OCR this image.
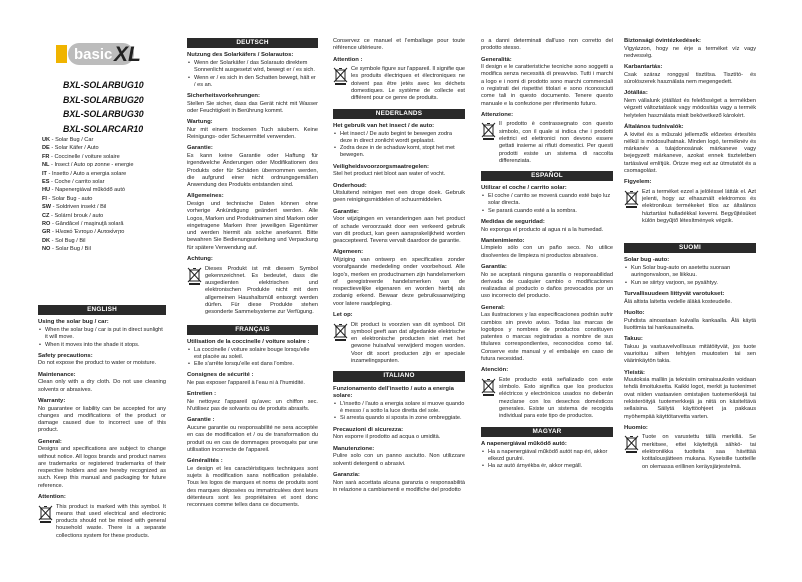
basic XL
BXL-SOLARBUG10
BXL-SOLARBUG20
BXL-SOLARBUG30
BXL-SOLARCAR10
UK - Solar Bug / Car
DE - Solar Käfer / Auto
FR - Coccinelle / voiture solaire
NL - Insect / Auto op zonne - energie
IT - Insetto / Auto a energia solare
ES - Coche / carrito solar
HU - Napenergiával működő autó
FI - Solar Bug - auto
SW - Soldriven insekt / Bil
CZ - Solární brouk / auto
RO - Gândăcel / maşinuţă solară
GR - Ηλιακό Έντομο / Αυτοκίνητο
DK - Sol Bug / Bil
NO - Solar Bug / Bil
ENGLISH
Using the solar bug / car:
• When the solar bug / car is put in direct sunlight it will move.
• When it moves into the shade it stops.
Safety precautions:

Do not expose the product to water or moisture.

Maintenance:

Clean only with a dry cloth. Do not use cleaning solvents or abrasives.

Warranty:

No guarantee or liability can be accepted for any changes and modifications of the product or damage caused due to incorrect use of this product.

General:

Designs and specifications are subject to change without notice. All logos brands and product names are trademarks or registered trademarks of their respective holders and are hereby recognized as such. Keep this manual and packaging for future reference.

Attention:

This product is marked with this symbol. It means that used electrical and electronic products should not be mixed with general household waste. There is a separate collections system for these products.

DEUTSCH
Nutzung des Solarkäfers / Solarautos:
• Wenn der Solarkäfer / das Solarauto direktem Sonnenlicht ausgesetzt wird, bewegt er / es sich.
• Wenn er / es sich in den Schatten bewegt, hält er / es an.
Sicherheitsvorkehrungen:

Stellen Sie sicher, dass das Gerät nicht mit Wasser oder Feuchtigkeit in Berührung kommt.

Wartung:

Nur mit einem trockenen Tuch säubern. Keine Reinigungs- oder Scheuermittel verwenden.

Garantie:

Es kann keine Garantie oder Haftung für irgendwelche Änderungen oder Modifikationen des Produkts oder für Schäden übernommen werden, die aufgrund einer nicht ordnungsgemäßen Anwendung des Produkts entstanden sind.

Allgemeines:

Design und technische Daten können ohne vorherige Ankündigung geändert werden. Alle Logos, Marken und Produktnamen sind Marken oder eingetragene Marken ihrer jeweiligen Eigentümer und werden hiermit als solche anerkannt. Bitte bewahren Sie Bedienungsanleitung und Verpackung für spätere Verwendung auf.

Achtung:

Dieses Produkt ist mit diesem Symbol gekennzeichnet. Es bedeutet, dass die ausgedienten elektrischen und elektronischen Produkte nicht mit dem allgemeinen Haushaltsmüll entsorgt werden dürfen. Für diese Produkte stehen gesonderte Sammelsysteme zur Verfügung.

FRANÇAIS
Utilisation de la coccinelle / voiture solaire :
• La coccinelle / voiture solaire bouge lorsqu'elle est placée au soleil.
• Elle s'arrête lorsqu'elle est dans l'ombre.
Consignes de sécurité :

Ne pas exposer l'appareil à l'eau ni à l'humidité.

Entretien :

Ne nettoyez l'appareil qu'avec un chiffon sec. N'utilisez pas de solvants ou de produits abrasifs.

Garantie :

Aucune garantie ou responsabilité ne sera acceptée en cas de modification et / ou de transformation du produit ou en cas de dommages provoqués par une utilisation incorrecte de l'appareil.

Généralités :

Le design et les caractéristiques techniques sont sujets à modification sans notification préalable. Tous les logos de marques et noms de produits sont des marques déposées ou immatriculées dont leurs détenteurs sont les propriétaires et sont donc reconnues comme telles dans ce documents.

Conservez ce manuel et l'emballage pour toute référence ultérieure.

Attention :

Ce symbole figure sur l'appareil. Il signifie que les produits électriques et électroniques ne doivent pas être jetés avec les déchets domestiques. Le système de collecte est différent pour ce genre de produits.

NEDERLANDS
Het gebruik van het insect / de auto:
• Het insect / De auto begint te bewegen zodra deze in direct zonlicht wordt geplaatst.
• Zodra deze in de schaduw komt, stopt het met bewegen.
Veiligheidsvoorzorgsmaatregelen:

Stel het product niet bloot aan water of vocht.

Onderhoud:

Uitsluitend reinigen met een droge doek. Gebruik geen reinigingsmiddelen of schuurmiddelen.

Garantie:

Voor wijzigingen en veranderingen aan het product of schade veroorzaakt door een verkeerd gebruik van dit product, kan geen aansprakelijkheid worden geaccepteerd. Tevens vervalt daardoor de garantie.

Algemeen:

Wijziging van ontwerp en specificaties zonder voorafgaande mededeling onder voorbehoud. Alle logo's, merken en productnamen zijn handelsmerken of geregistreerde handelsmerken van de respectievelijke eigenaren en worden hierbij als zodanig erkend. Bewaar deze gebruiksaanwijzing voor latere raadpleging.

Let op:

Dit product is voorzien van dit symbool. Dit symbool geeft aan dat afgedankte elektrische en elektronische producten niet met het gewone huisafval verwijderd mogen worden. Voor dit soort producten zijn er speciale inzamelingspunten.

ITALIANO
Funzionamento dell'insetto / auto a energia solare:
• L'insetto / l'auto a energia solare si muove quando è messo / a sotto la luce diretta del sole.
• Si arresta quando si sposta in zone ombreggiate.
Precauzioni di sicurezza:

Non esporre il prodotto ad acqua o umidità.

Manutenzione:

Pulire solo con un panno asciutto. Non utilizzare solventi detergenti o abrasivi.

Garanzia:

Non sarà accettata alcuna garanzia o responsabilità in relazione a cambiamenti e modifiche del prodotto

o a danni determinati dall'uso non corretto del prodotto stesso.

Generalità:

Il design e le caratteristiche tecniche sono soggetti a modifica senza necessità di preavviso. Tutti i marchi a logo e i nomi di prodotto sono marchi commerciali o registrati dei rispettivi titolari e sono riconosciuti come tali in questo documento. Tenere questo manuale e la confezione per riferimento futuro.

Attenzione:

Il prodotto è contrassegnato con questo simbolo, con il quale si indica che i prodotti elettrici ed elettronici non devono essere gettati insieme ai rifiuti domestici. Per questi prodotti esiste un sistema di raccolta differenziata.

ESPAÑOL
Utilizar el coche / carrito solar:
• El coche / carrito se moverá cuando esté bajo luz solar directa.
• Se parará cuando esté a la sombra.
Medidas de seguridad:

No exponga el producto al agua ni a la humedad.

Mantenimiento:

Límpielo sólo con un paño seco. No utilice disolventes de limpieza ni productos abrasivos.

Garantía:

No se aceptará ninguna garantía o responsabilidad derivada de cualquier cambio o modificaciones realizadas al producto o daños provocados por un uso incorrecto del producto.

General:

Las ilustraciones y las especificaciones podrán sufrir cambios sin previo aviso. Todas las marcas de logotipos y nombres de productos constituyen patentes o marcas registradas a nombre de sus titulares correspondientes, reconocidos como tal. Conserve este manual y el embalaje en caso de futura necesidad.

Atención:

Este producto está señalizado con este símbolo. Esto significa que los productos eléctricos y electrónicos usados no deberán mezclarse con los desechos domésticos generales. Existe un sistema de recogida individual para este tipo de productos.

MAGYAR
A napenergiával működő autó:
• Ha a napenergiával működő autót nap éri, akkor elkezd gurulni.
• Ha az autó árnyékba ér, akkor megáll.
Biztonsági óvintézkedések:

Vigyázzon, hogy ne érje a terméket víz vagy nedvesség.

Karbantartás:

Csak száraz ronggyal tisztítsa. Tisztító- és súrolószerek használata nem megengedett.

Jótállás:

Nem vállalunk jótállást és felelősséget a termékben végzett változtatások vagy módosítás vagy a termék helytelen használata miatt bekövetkező károkért.

Általános tudnivalók:

A kivitel és a műszaki jellemzők előzetes értesítés nélkül is módosulhatnak. Minden logó, terméknév és márkanév a tulajdonosának márkaneve vagy bejegyzett márkaneve, azokat ennek tiszteletben tartásával említjük. Őrizze meg ezt az útmutatót és a csomagolást.

Figyelem:

Ezt a terméket ezzel a jelöléssel látták el. Azt jelenti, hogy az elhasznált elektromos és elektronikus termékeket tilos az általános háztartási hulladékkal keverni. Begyűjtésüket külön begyűjtő létesítmények végzik.

SUOMI
Solar bug -auto:
• Kun Solar bug-auto on asetettu suoraan auringonvaloon, se liikkuu.
• Kun se siirtyy varjoon, se pysähtyy.
Turvallisuudeen liittyvät varotukset:

Älä altista laitetta vedelle äläkä kosteudelle.

Huolto:

Puhdista ainoastaan kuivalla kankaalla. Älä käytä liuottimia tai hankausaineita.

Takuu:

Takuu ja vastuuvelvollisuus mitätöityvät, jos tuote vaurioituu siihen tehtyjen muutosten tai sen väärinkäytön takia.

Yleistä:

Muutoksia malliin ja teknisiin ominaisuuksiin voidaan tehdä ilmoituksetta. Kaikki logot, merkit ja tuotenimet ovat niiden vastaavien omistajien tuotemerkkejä tai rekisteröityjä tuotemerkkejä ja niitä on käsiteltävä sellaisina. Säilytä käyttöohjeet ja pakkaus myöhempää käyttötarvetta varten.

Huomio:

Tuote on varustettu tällä merkillä. Se merkitsee, ettei käytettyjä sähkö- tai elektroniikka tuotteita saa hävittää kotitalousjätteen mukana. Kyseisille tuotteille on olemassa erillinen keräysjärjestelmä.
